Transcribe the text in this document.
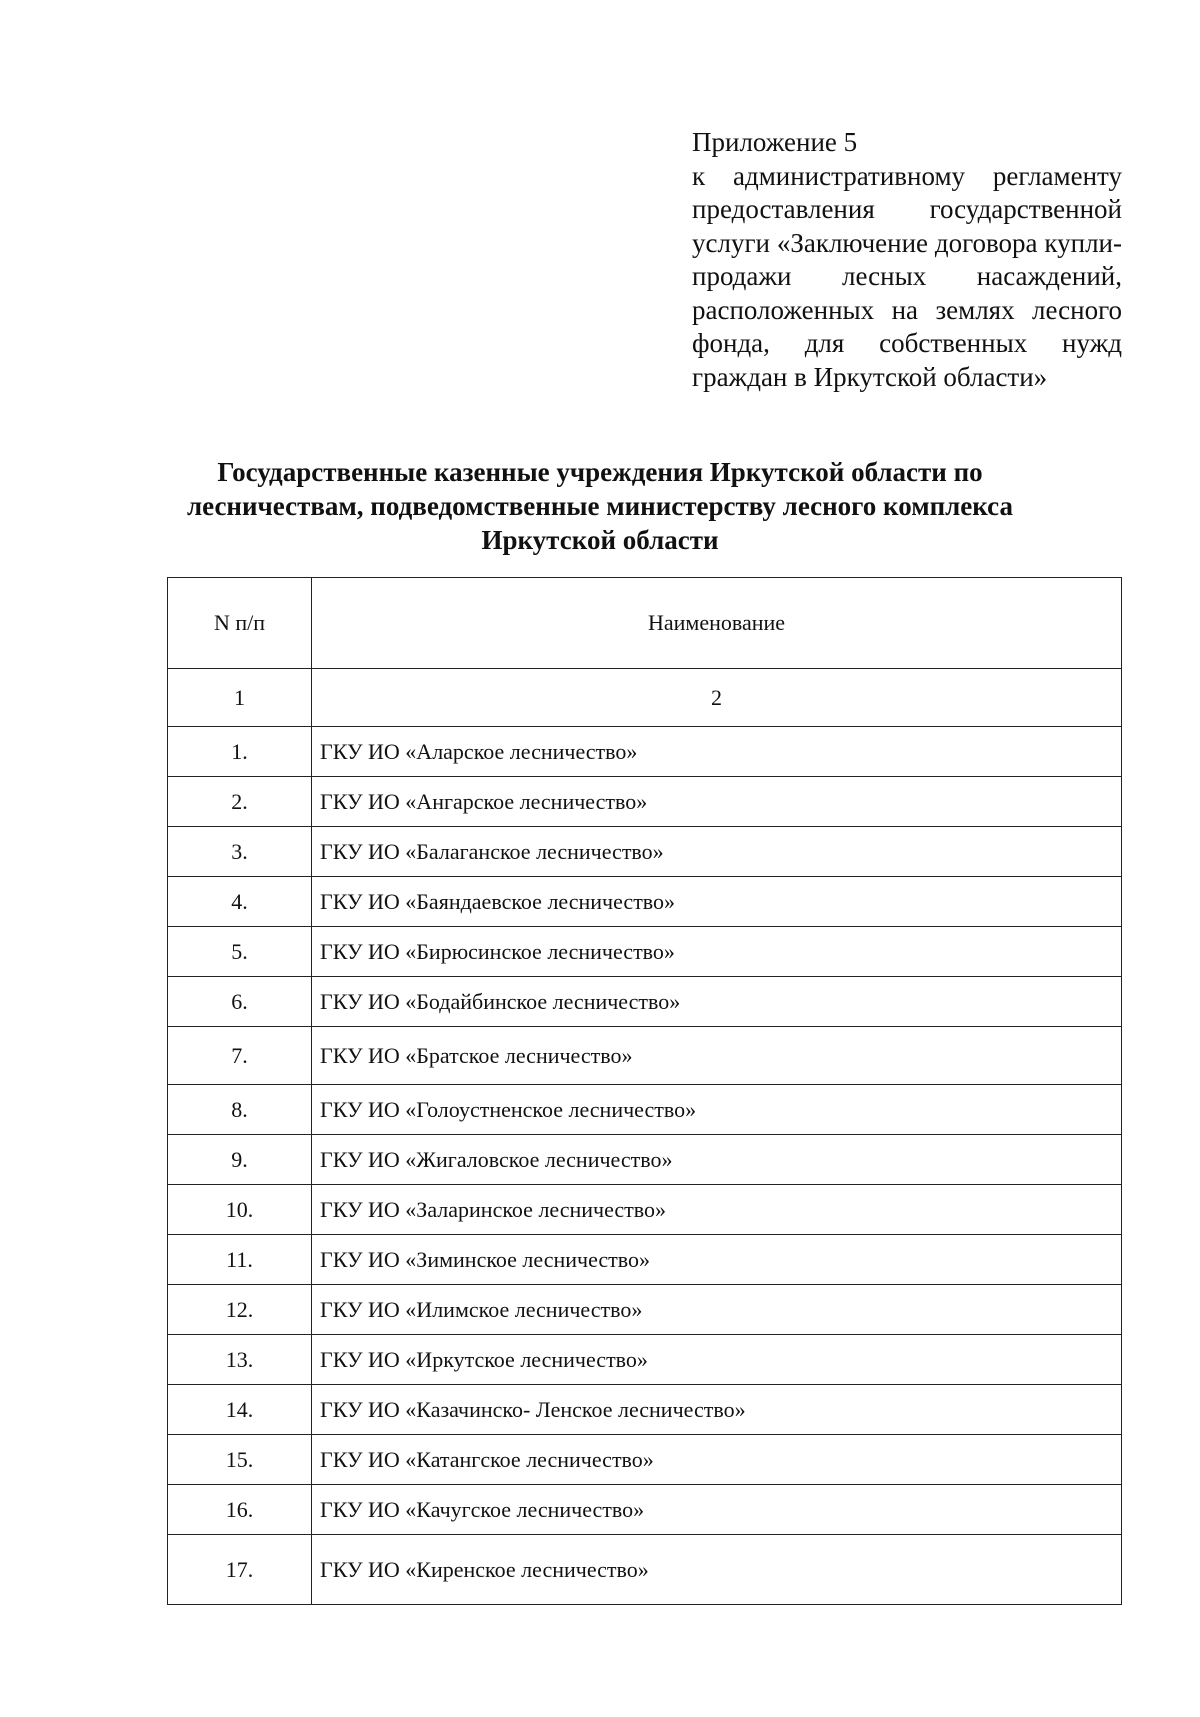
Приложение 5
к административному регламенту предоставления государственной услуги «Заключение договора купли-продажи лесных насаждений, расположенных на землях лесного фонда, для собственных нужд граждан в Иркутской области»
Государственные казенные учреждения Иркутской области по лесничествам, подведомственные министерству лесного комплекса Иркутской области
N п/п	Наименование
1	2
1.	ГКУ ИО «Аларское лесничество»
2.	ГКУ ИО «Ангарское лесничество»
3.	ГКУ ИО «Балаганское лесничество»
4.	ГКУ ИО «Баяндаевское лесничество»
5.	ГКУ ИО «Бирюсинское лесничество»
6.	ГКУ ИО «Бодайбинское лесничество»
7.	ГКУ ИО «Братское лесничество»
8.	ГКУ ИО «Голоустненское лесничество»
9.	ГКУ ИО «Жигаловское лесничество»
10.	ГКУ ИО «Заларинское лесничество»
11.	ГКУ ИО «Зиминское лесничество»
12.	ГКУ ИО «Илимское лесничество»
13.	ГКУ ИО «Иркутское лесничество»
14.	ГКУ ИО «Казачинско- Ленское лесничество»
15.	ГКУ ИО «Катангское лесничество»
16.	ГКУ ИО «Качугское лесничество»
17.	ГКУ ИО «Киренское лесничество»
